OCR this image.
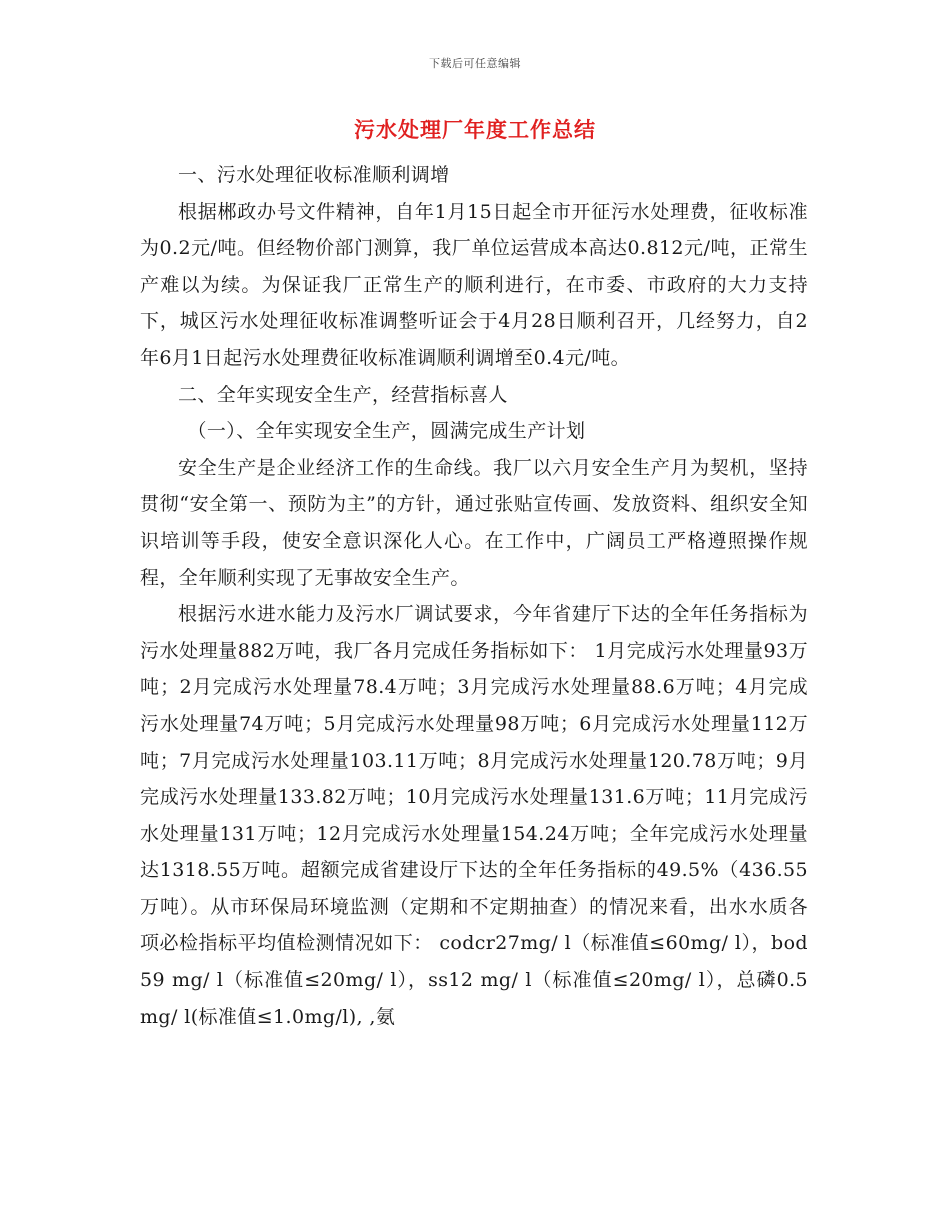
下载后可任意编辑
污水处理厂年度工作总结

一、污水处理征收标准顺利调增

根据郴政办号文件精神，自年1月15日起全市开征污水处理费，征收标准为0.2元/吨。但经物价部门测算，我厂单位运营成本高达0.812元/吨，正常生产难以为续。为保证我厂正常生产的顺利进行，在市委、市政府的大力支持下，城区污水处理征收标准调整听证会于4月28日顺利召开，几经努力，自2年6月1日起污水处理费征收标准调顺利调增至0.4元/吨。

二、全年实现安全生产，经营指标喜人

（一）、全年实现安全生产，圆满完成生产计划

安全生产是企业经济工作的生命线。我厂以六月安全生产月为契机，坚持贯彻“安全第一、预防为主”的方针，通过张贴宣传画、发放资料、组织安全知识培训等手段，使安全意识深化人心。在工作中，广阔员工严格遵照操作规程，全年顺利实现了无事故安全生产。

根据污水进水能力及污水厂调试要求，今年省建厅下达的全年任务指标为污水处理量882万吨，我厂各月完成任务指标如下： 1月完成污水处理量93万吨；2月完成污水处理量78.4万吨；3月完成污水处理量88.6万吨；4月完成污水处理量74万吨；5月完成污水处理量98万吨；6月完成污水处理量112万吨；7月完成污水处理量103.11万吨；8月完成污水处理量120.78万吨；9月完成污水处理量133.82万吨；10月完成污水处理量131.6万吨；11月完成污水处理量131万吨；12月完成污水处理量154.24万吨；全年完成污水处理量达1318.55万吨。超额完成省建设厅下达的全年任务指标的49.5%（436.55万吨）。从市环保局环境监测（定期和不定期抽查）的情况来看，出水水质各项必检指标平均值检测情况如下： codcr27mg/ l（标准值≤60mg/ l），bod59 mg/ l（标准值≤20mg/ l），ss12 mg/ l（标准值≤20mg/ l），总磷0.5mg/ l(标准值≤1.0mg/l), ,氨
